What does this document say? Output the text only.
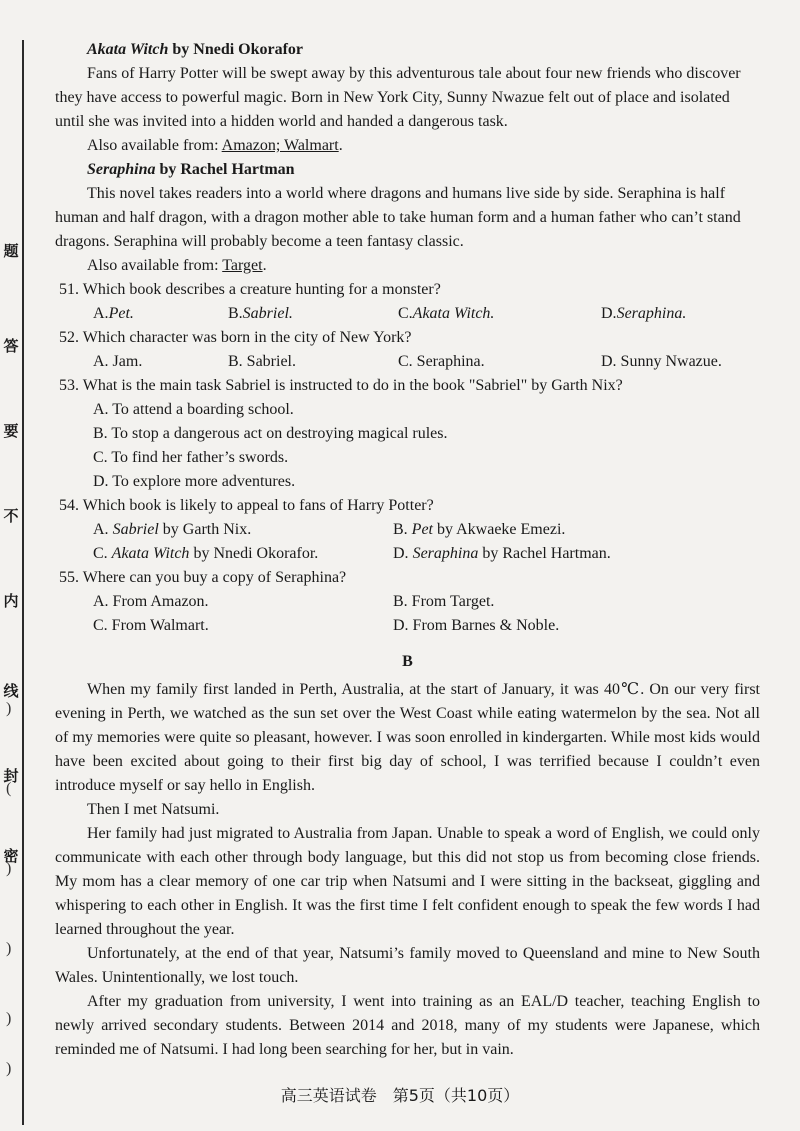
题
答
要
不
内
线
封
密
)
(
)
)
)
)

Akata Witch by Nnedi Okorafor

Fans of Harry Potter will be swept away by this adventurous tale about four new friends who discover they have access to powerful magic. Born in New York City, Sunny Nwazue felt out of place and isolated until she was invited into a hidden world and handed a dangerous task.

Also available from: Amazon; Walmart.

Seraphina by Rachel Hartman

This novel takes readers into a world where dragons and humans live side by side. Seraphina is half human and half dragon, with a dragon mother able to take human form and a human father who can’t stand dragons. Seraphina will probably become a teen fantasy classic.

Also available from: Target.

51. Which book describes a creature hunting for a monster?

A.Pet.	B.Sabriel.	C.Akata Witch.	D.Seraphina.

52. Which character was born in the city of New York?

A. Jam.	B. Sabriel.	C. Seraphina.	D. Sunny Nwazue.

53. What is the main task Sabriel is instructed to do in the book "Sabriel" by Garth Nix?

A. To attend a boarding school.

B. To stop a dangerous act on destroying magical rules.

C. To find her father’s swords.

D. To explore more adventures.

54. Which book is likely to appeal to fans of Harry Potter?

A. Sabriel by Garth Nix.	B. Pet by Akwaeke Emezi.
C. Akata Witch by Nnedi Okorafor.	D. Seraphina by Rachel Hartman.

55. Where can you buy a copy of Seraphina?

A. From Amazon.	B. From Target.
C. From Walmart.	D. From Barnes & Noble.

B

When my family first landed in Perth, Australia, at the start of January, it was 40℃. On our very first evening in Perth, we watched as the sun set over the West Coast while eating watermelon by the sea. Not all of my memories were quite so pleasant, however. I was soon enrolled in kindergarten. While most kids would have been excited about going to their first big day of school, I was terrified because I couldn’t even introduce myself or say hello in English.

Then I met Natsumi.

Her family had just migrated to Australia from Japan. Unable to speak a word of English, we could only communicate with each other through body language, but this did not stop us from becoming close friends. My mom has a clear memory of one car trip when Natsumi and I were sitting in the backseat, giggling and whispering to each other in English. It was the first time I felt confident enough to speak the few words I had learned throughout the year.

Unfortunately, at the end of that year, Natsumi’s family moved to Queensland and mine to New South Wales. Unintentionally, we lost touch.

After my graduation from university, I went into training as an EAL/D teacher, teaching English to newly arrived secondary students. Between 2014 and 2018, many of my students were Japanese, which reminded me of Natsumi. I had long been searching for her, but in vain.

高三英语试卷　第5页（共10页）
